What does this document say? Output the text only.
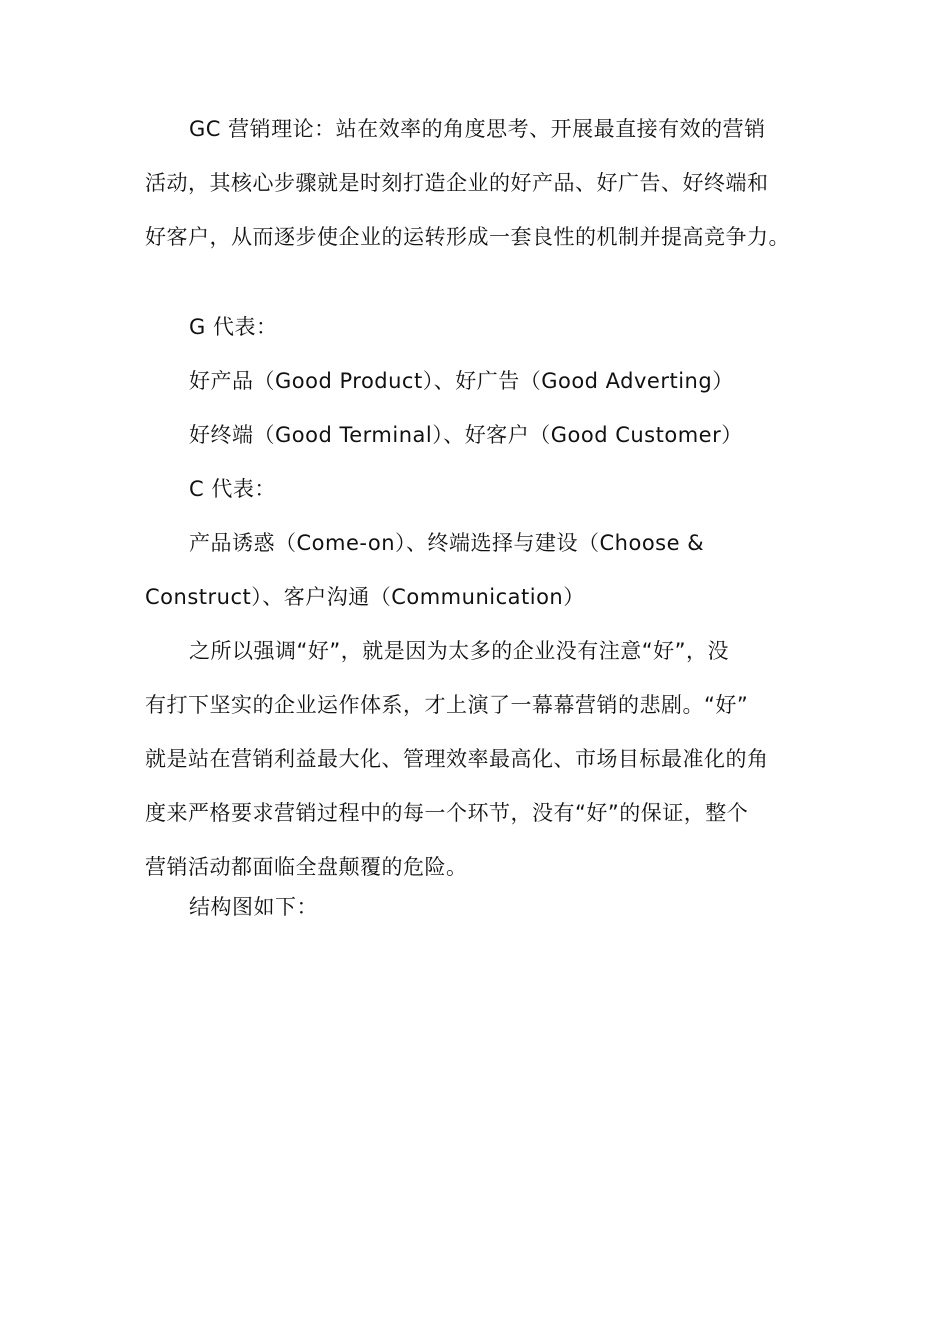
GC 营销理论：站在效率的角度思考、开展最直接有效的营销
活动，其核心步骤就是时刻打造企业的好产品、好广告、好终端和
好客户，从而逐步使企业的运转形成一套良性的机制并提高竞争力。
G 代表：
好产品（Good Product）、好广告（Good Adverting）
好终端（Good Terminal）、好客户（Good Customer）
C 代表：
产品诱惑（Come-on）、终端选择与建设（Choose &
Construct）、客户沟通（Communication）
之所以强调“好”，就是因为太多的企业没有注意“好”，没
有打下坚实的企业运作体系，才上演了一幕幕营销的悲剧。“好”
就是站在营销利益最大化、管理效率最高化、市场目标最准化的角
度来严格要求营销过程中的每一个环节，没有“好”的保证，整个
营销活动都面临全盘颠覆的危险。
结构图如下：
